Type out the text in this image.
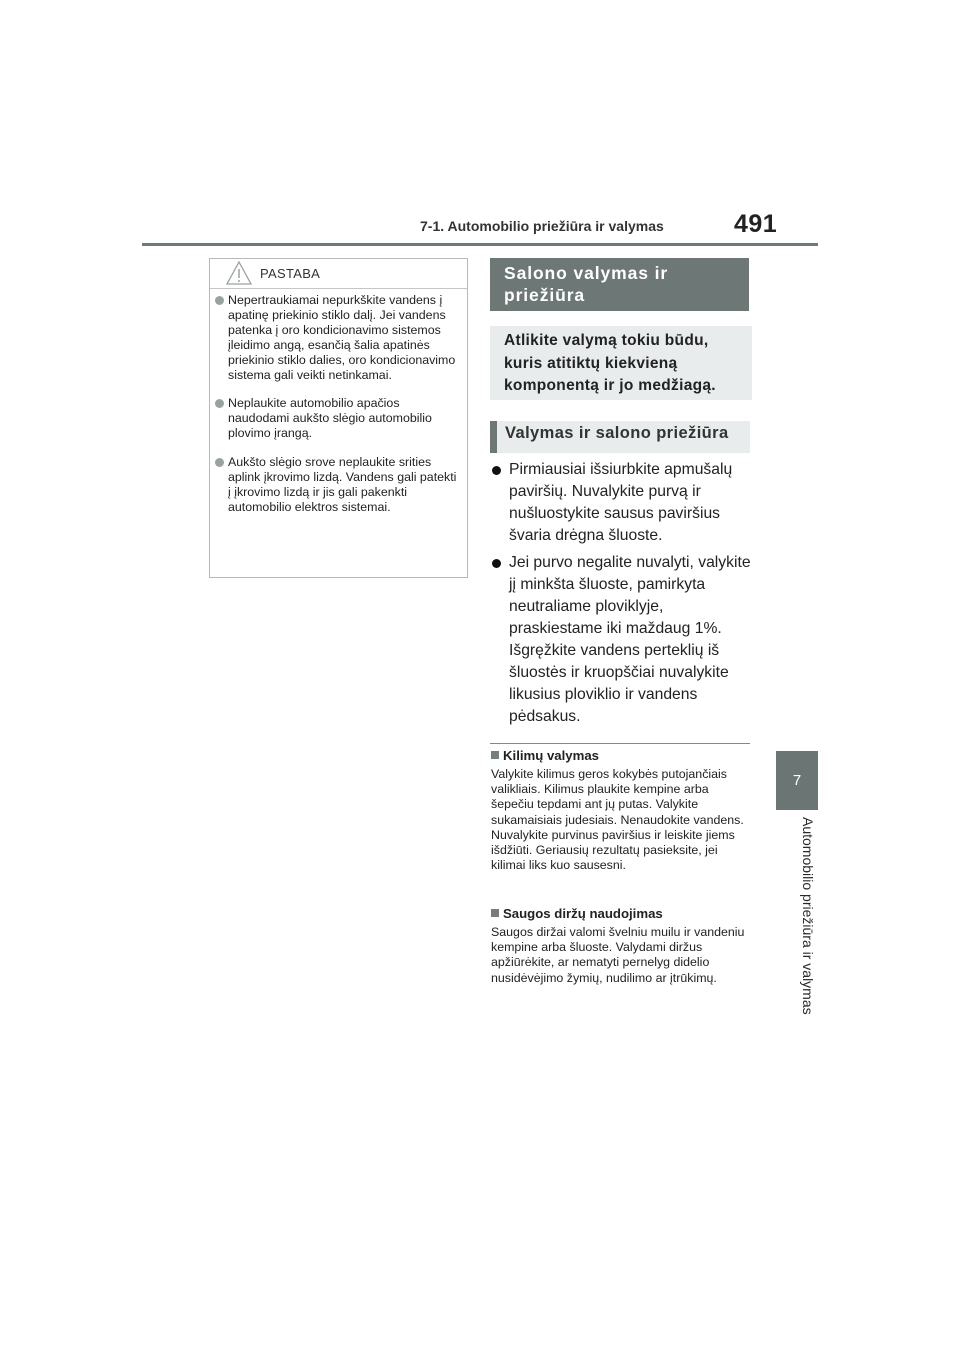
7-1. Automobilio priežiūra ir valymas	491
7
Automobilio priežiūra ir valymas
PASTABA
Nepertraukiamai nepurkškite vandens į apatinę priekinio stiklo dalį. Jei vandens patenka į oro kondicionavimo sistemos įleidimo angą, esančią šalia apatinės priekinio stiklo dalies, oro kondicionavimo sistema gali veikti netinkamai.
Neplaukite automobilio apačios naudodami aukšto slėgio automobilio plovimo įrangą.
Aukšto slėgio srove neplaukite srities aplink įkrovimo lizdą. Vandens gali patekti į įkrovimo lizdą ir jis gali pakenkti automobilio elektros sistemai.
Salono valymas ir priežiūra
Atlikite valymą tokiu būdu, kuris atitiktų kiekvieną komponentą ir jo medžiagą.
Valymas ir salono priežiūra
Pirmiausiai išsiurbkite apmušalų paviršių. Nuvalykite purvą ir nušluostykite sausus paviršius švaria drėgna šluoste.
Jei purvo negalite nuvalyti, valykite jį minkšta šluoste, pamirkyta neutraliame ploviklyje, praskiestame iki maždaug 1%. Išgręžkite vandens perteklių iš šluostės ir kruopščiai nuvalykite likusius ploviklio ir vandens pėdsakus.
Kilimų valymas
Valykite kilimus geros kokybės putojančiais valikliais. Kilimus plaukite kempine arba šepečiu tepdami ant jų putas. Valykite sukamaisiais judesiais. Nenaudokite vandens. Nuvalykite purvinus paviršius ir leiskite jiems išdžiūti. Geriausių rezultatų pasieksite, jei kilimai liks kuo sausesni.
Saugos diržų naudojimas
Saugos diržai valomi švelniu muilu ir vandeniu kempine arba šluoste. Valydami diržus apžiūrėkite, ar nematyti pernelyg didelio nusidėvėjimo žymių, nudilimo ar įtrūkimų.
